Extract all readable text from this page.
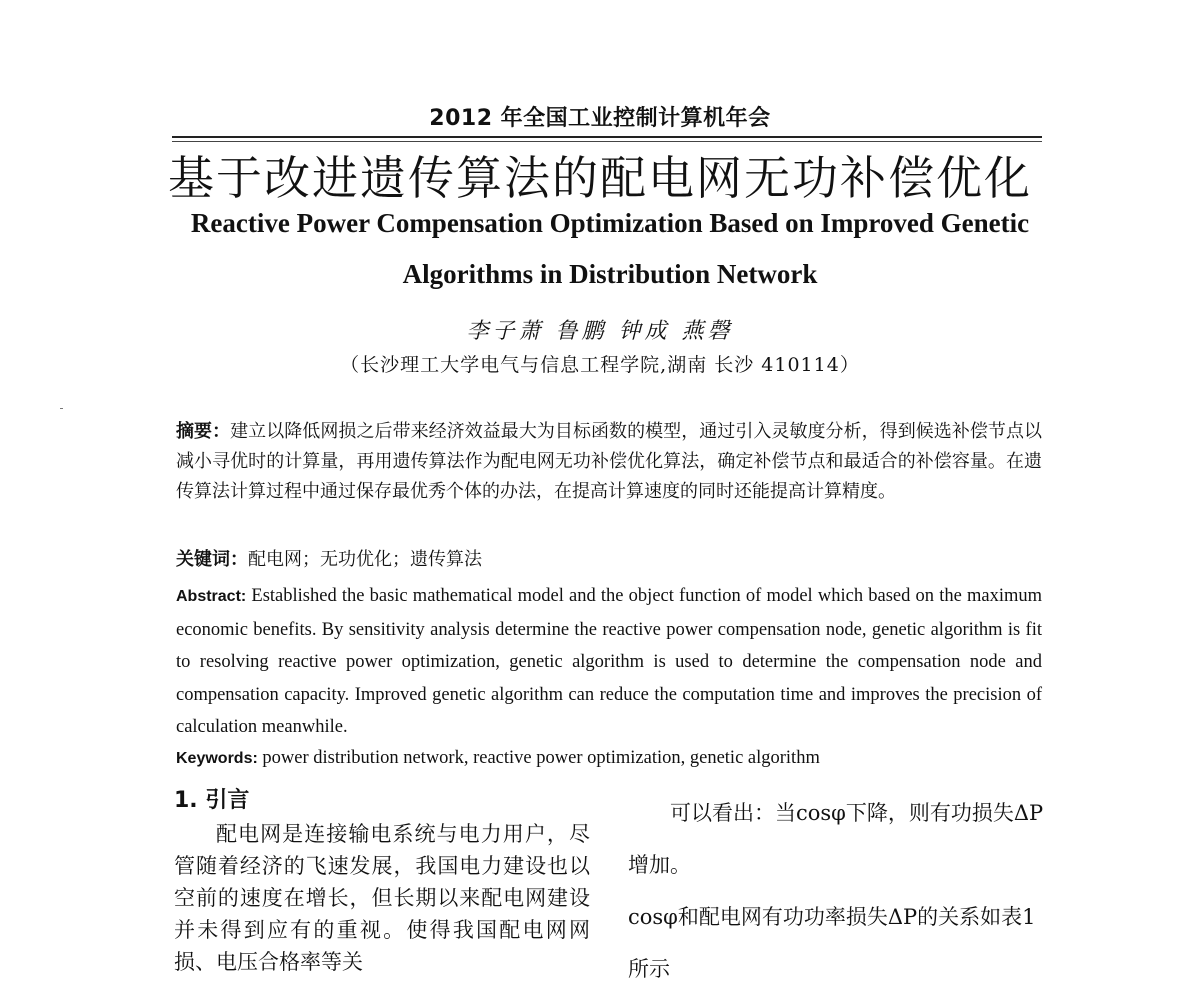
2012 年全国工业控制计算机年会
基于改进遗传算法的配电网无功补偿优化
Reactive Power Compensation Optimization Based on Improved Genetic
Algorithms in Distribution Network
李子萧 鲁鹏 钟成 燕磬
（长沙理工大学电气与信息工程学院,湖南 长沙 410114）
摘要：建立以降低网损之后带来经济效益最大为目标函数的模型，通过引入灵敏度分析，得到候选补偿节点以减小寻优时的计算量，再用遗传算法作为配电网无功补偿优化算法，确定补偿节点和最适合的补偿容量。在遗传算法计算过程中通过保存最优秀个体的办法，在提高计算速度的同时还能提高计算精度。
关键词：配电网；无功优化；遗传算法
Abstract: Established the basic mathematical model and the object function of model which based on the maximum economic benefits. By sensitivity analysis determine the reactive power compensation node, genetic algorithm is fit to resolving reactive power optimization, genetic algorithm is used to determine the compensation node and compensation capacity. Improved genetic algorithm can reduce the computation time and improves the precision of calculation meanwhile.
Keywords: power distribution network, reactive power optimization, genetic algorithm
1. 引言
配电网是连接输电系统与电力用户，尽管随着经济的飞速发展，我国电力建设也以空前的速度在增长，但长期以来配电网建设并未得到应有的重视。使得我国配电网网损、电压合格率等关
可以看出：当cosφ下降，则有功损失ΔP增加。
cosφ和配电网有功功率损失ΔP的关系如表1所示
